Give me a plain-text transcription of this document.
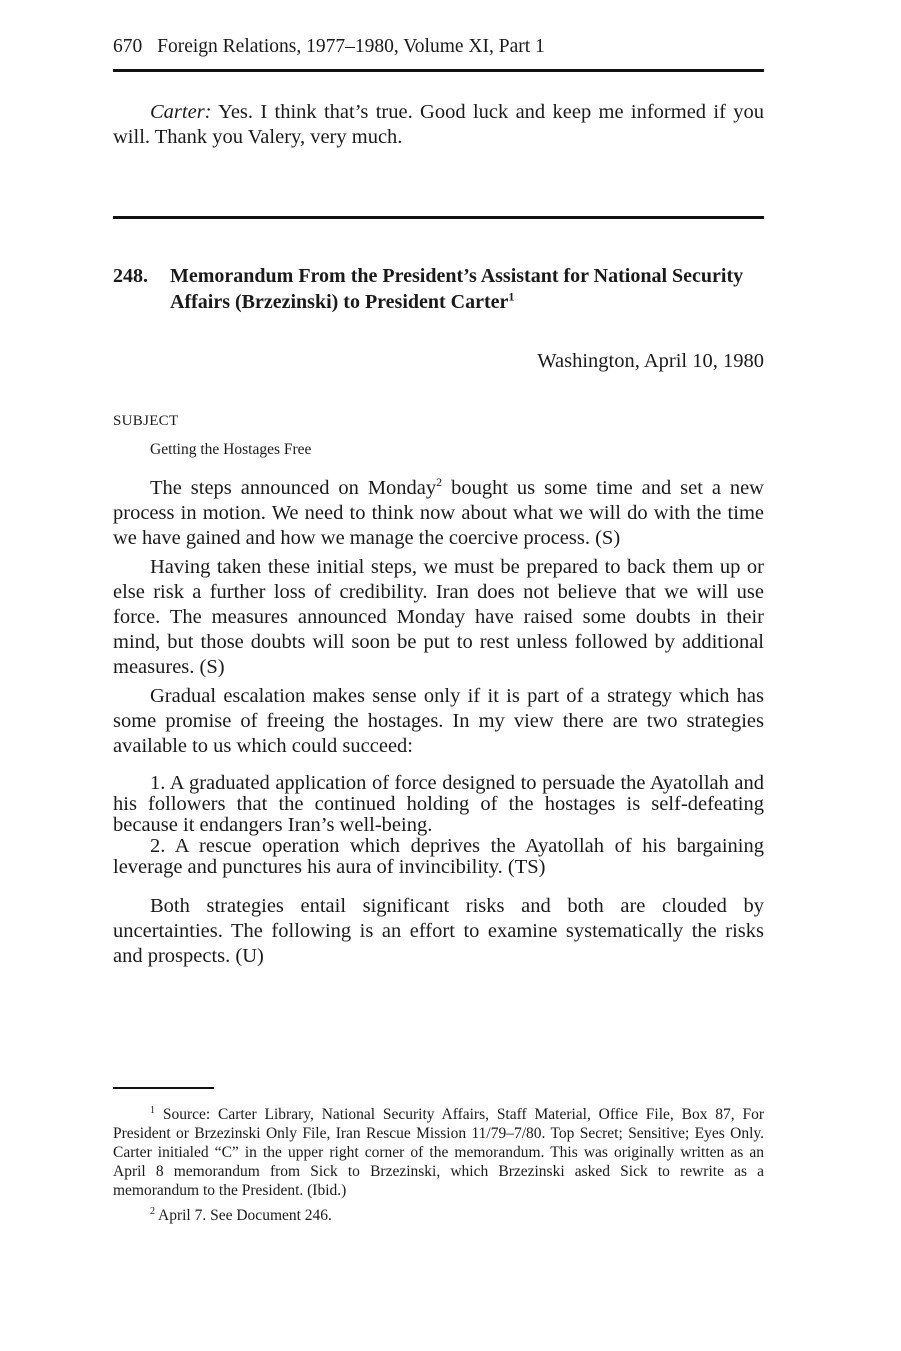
670 Foreign Relations, 1977–1980, Volume XI, Part 1

Carter: Yes. I think that’s true. Good luck and keep me informed if you will. Thank you Valery, very much.

248. Memorandum From the President’s Assistant for National Security Affairs (Brzezinski) to President Carter$^1$
Washington, April 10, 1980
SUBJECT
Getting the Hostages Free

The steps announced on Monday$^2$ bought us some time and set a new process in motion. We need to think now about what we will do with the time we have gained and how we manage the coercive process. (S)

Having taken these initial steps, we must be prepared to back them up or else risk a further loss of credibility. Iran does not believe that we will use force. The measures announced Monday have raised some doubts in their mind, but those doubts will soon be put to rest unless followed by additional measures. (S)

Gradual escalation makes sense only if it is part of a strategy which has some promise of freeing the hostages. In my view there are two strategies available to us which could succeed:

1. A graduated application of force designed to persuade the Ayatollah and his followers that the continued holding of the hostages is self-defeating because it endangers Iran’s well-being.

2. A rescue operation which deprives the Ayatollah of his bargaining leverage and punctures his aura of invincibility. (TS)

Both strategies entail significant risks and both are clouded by uncertainties. The following is an effort to examine systematically the risks and prospects. (U)

$^1$ Source: Carter Library, National Security Affairs, Staff Material, Office File, Box 87, For President or Brzezinski Only File, Iran Rescue Mission 11/79–7/80. Top Secret; Sensitive; Eyes Only. Carter initialed “C” in the upper right corner of the memorandum. This was originally written as an April 8 memorandum from Sick to Brzezinski, which Brzezinski asked Sick to rewrite as a memorandum to the President. (Ibid.)

$^2$ April 7. See Document 246.
